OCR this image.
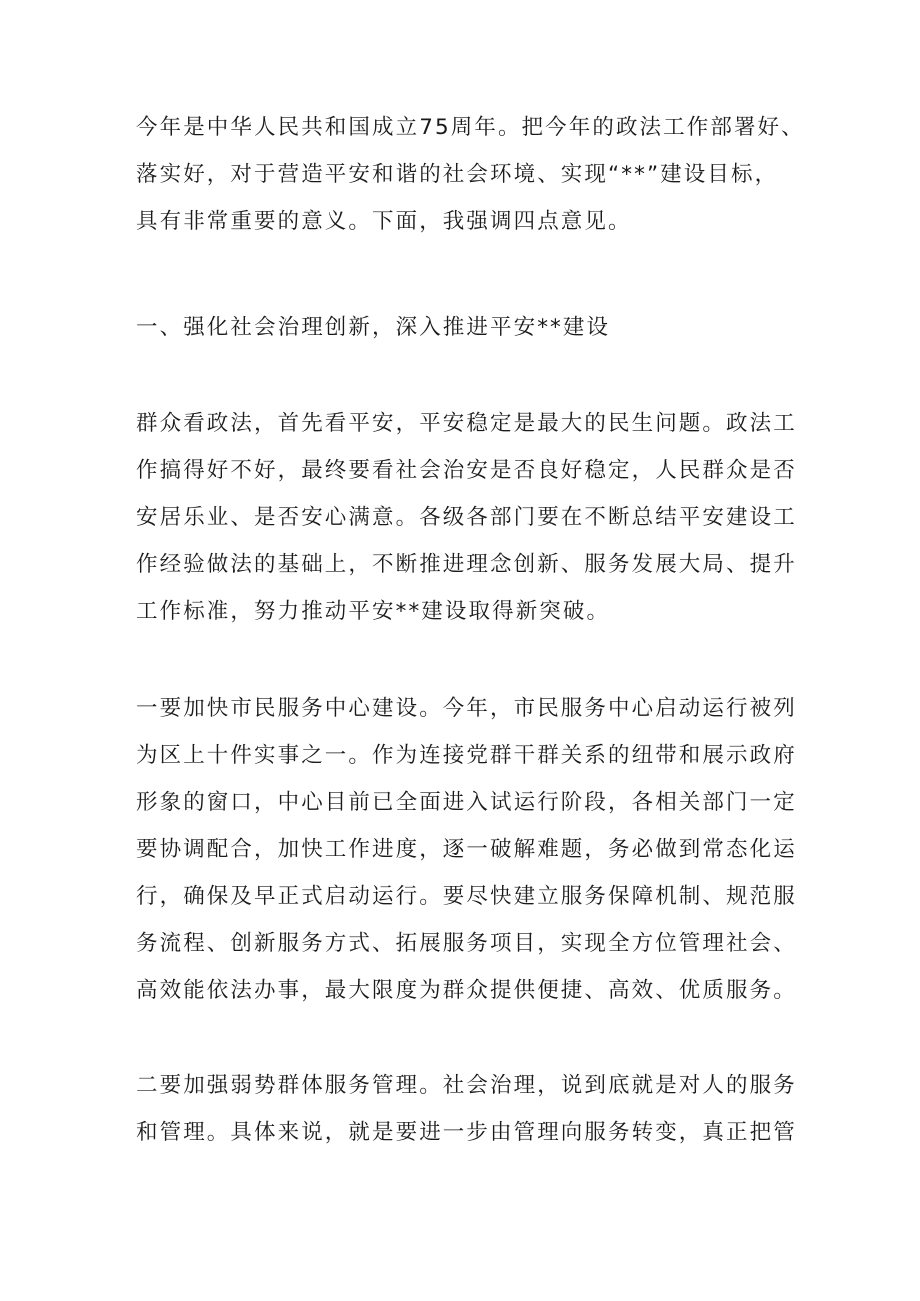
今年是中华人民共和国成立75周年。把今年的政法工作部署好、
落实好，对于营造平安和谐的社会环境、实现“**”建设目标，
具有非常重要的意义。下面，我强调四点意见。
一、强化社会治理创新，深入推进平安**建设
群众看政法，首先看平安，平安稳定是最大的民生问题。政法工
作搞得好不好，最终要看社会治安是否良好稳定，人民群众是否
安居乐业、是否安心满意。各级各部门要在不断总结平安建设工
作经验做法的基础上，不断推进理念创新、服务发展大局、提升
工作标准，努力推动平安**建设取得新突破。
一要加快市民服务中心建设。今年，市民服务中心启动运行被列
为区上十件实事之一。作为连接党群干群关系的纽带和展示政府
形象的窗口，中心目前已全面进入试运行阶段，各相关部门一定
要协调配合，加快工作进度，逐一破解难题，务必做到常态化运
行，确保及早正式启动运行。要尽快建立服务保障机制、规范服
务流程、创新服务方式、拓展服务项目，实现全方位管理社会、
高效能依法办事，最大限度为群众提供便捷、高效、优质服务。
二要加强弱势群体服务管理。社会治理，说到底就是对人的服务
和管理。具体来说，就是要进一步由管理向服务转变，真正把管
